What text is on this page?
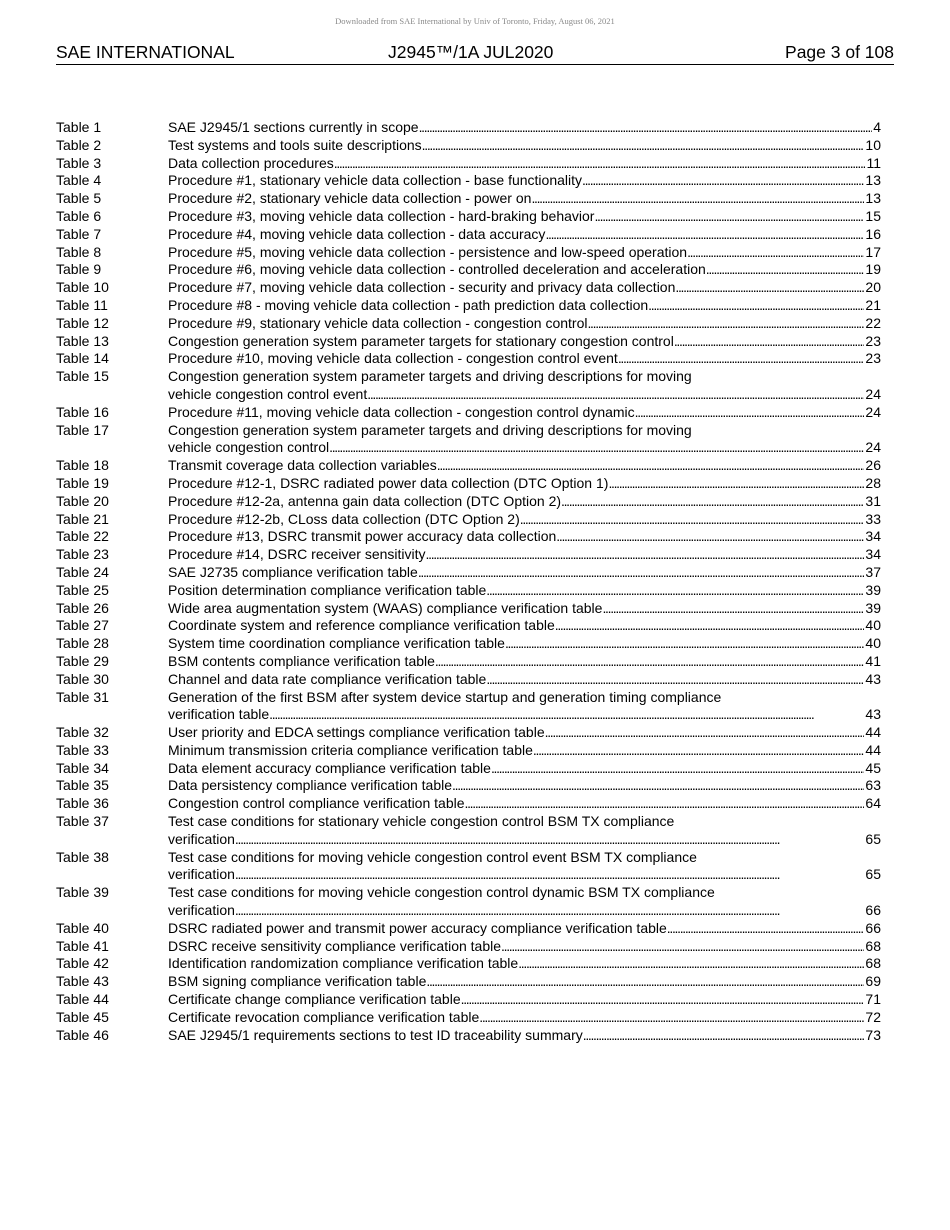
Downloaded from SAE International by Univ of Toronto, Friday, August 06, 2021
SAE INTERNATIONAL	J2945™/1A JUL2020	Page 3 of 108
Table 1	SAE J2945/1 sections currently in scope . . .	4
Table 2	Test systems and tools suite descriptions . . .	10
Table 3	Data collection procedures . . .	11
Table 4	Procedure #1, stationary vehicle data collection - base functionality . . .	13
Table 5	Procedure #2, stationary vehicle data collection - power on . . .	13
Table 6	Procedure #3, moving vehicle data collection - hard-braking behavior . . .	15
Table 7	Procedure #4, moving vehicle data collection - data accuracy . . .	16
Table 8	Procedure #5, moving vehicle data collection - persistence and low-speed operation . . .	17
Table 9	Procedure #6, moving vehicle data collection - controlled deceleration and acceleration . . .	19
Table 10	Procedure #7, moving vehicle data collection - security and privacy data collection . . .	20
Table 11	Procedure #8 - moving vehicle data collection - path prediction data collection . . .	21
Table 12	Procedure #9, stationary vehicle data collection - congestion control . . .	22
Table 13	Congestion generation system parameter targets for stationary congestion control . . .	23
Table 14	Procedure #10, moving vehicle data collection - congestion control event . . .	23
Table 15	Congestion generation system parameter targets and driving descriptions for moving
vehicle congestion control event . . .	24
Table 16	Procedure #11, moving vehicle data collection - congestion control dynamic . . .	24
Table 17	Congestion generation system parameter targets and driving descriptions for moving
vehicle congestion control . . .	24
Table 18	Transmit coverage data collection variables . . .	26
Table 19	Procedure #12-1, DSRC radiated power data collection (DTC Option 1) . . .	28
Table 20	Procedure #12-2a, antenna gain data collection (DTC Option 2) . . .	31
Table 21	Procedure #12-2b, CLoss data collection (DTC Option 2) . . .	33
Table 22	Procedure #13, DSRC transmit power accuracy data collection . . .	34
Table 23	Procedure #14, DSRC receiver sensitivity . . .	34
Table 24	SAE J2735 compliance verification table . . .	37
Table 25	Position determination compliance verification table . . .	39
Table 26	Wide area augmentation system (WAAS) compliance verification table . . .	39
Table 27	Coordinate system and reference compliance verification table . . .	40
Table 28	System time coordination compliance verification table . . .	40
Table 29	BSM contents compliance verification table . . .	41
Table 30	Channel and data rate compliance verification table . . .	43
Table 31	Generation of the first BSM after system device startup and generation timing compliance
verification table . . .	43
Table 32	User priority and EDCA settings compliance verification table . . .	44
Table 33	Minimum transmission criteria compliance verification table . . .	44
Table 34	Data element accuracy compliance verification table . . .	45
Table 35	Data persistency compliance verification table . . .	63
Table 36	Congestion control compliance verification table . . .	64
Table 37	Test case conditions for stationary vehicle congestion control BSM TX compliance
verification . . .	65
Table 38	Test case conditions for moving vehicle congestion control event BSM TX compliance
verification . . .	65
Table 39	Test case conditions for moving vehicle congestion control dynamic BSM TX compliance
verification . . .	66
Table 40	DSRC radiated power and transmit power accuracy compliance verification table . . .	66
Table 41	DSRC receive sensitivity compliance verification table . . .	68
Table 42	Identification randomization compliance verification table . . .	68
Table 43	BSM signing compliance verification table . . .	69
Table 44	Certificate change compliance verification table . . .	71
Table 45	Certificate revocation compliance verification table . . .	72
Table 46	SAE J2945/1 requirements sections to test ID traceability summary . . .	73
